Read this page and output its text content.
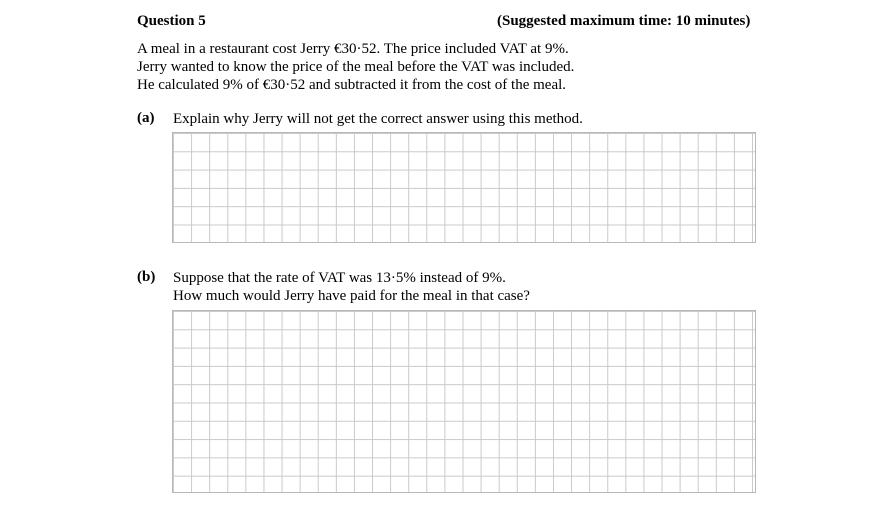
Question 5	(Suggested maximum time: 10 minutes)
A meal in a restaurant cost Jerry €30·52. The price included VAT at 9%.
Jerry wanted to know the price of the meal before the VAT was included.
He calculated 9% of €30·52 and subtracted it from the cost of the meal.
(a) Explain why Jerry will not get the correct answer using this method.
(b) Suppose that the rate of VAT was 13·5% instead of 9%.
How much would Jerry have paid for the meal in that case?
